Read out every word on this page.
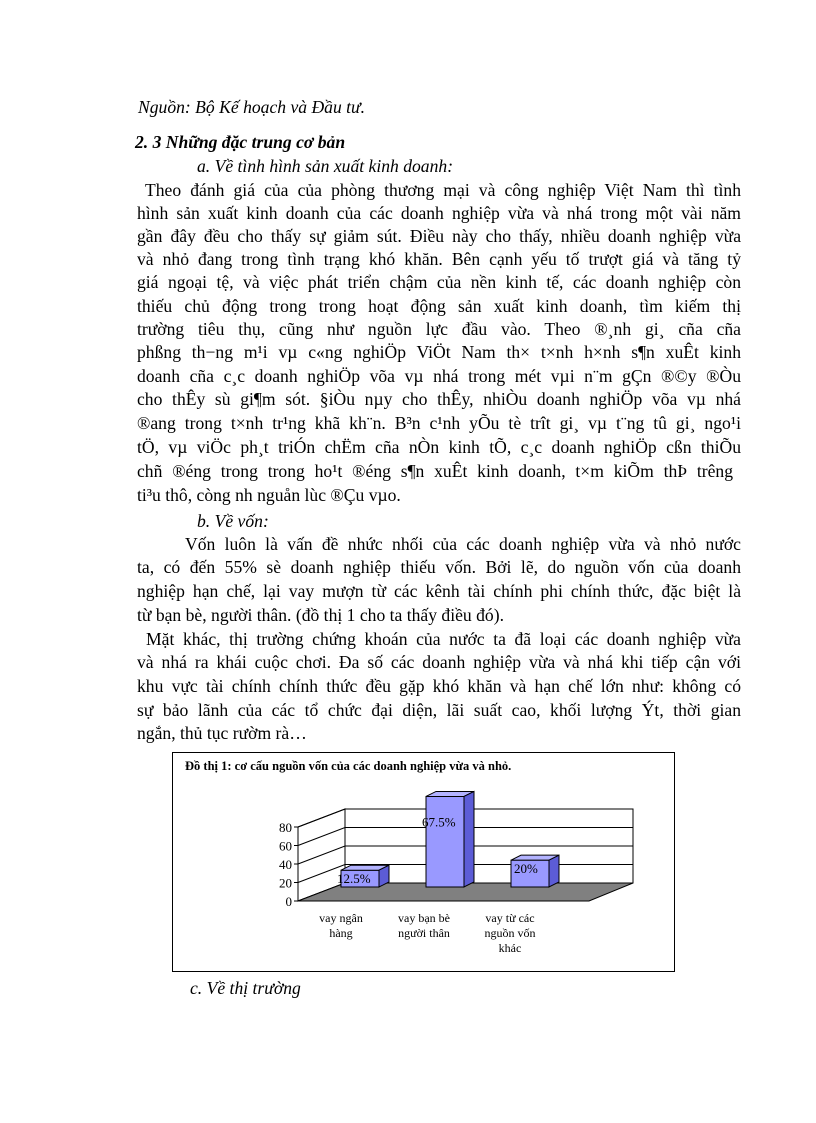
Nguồn: Bộ Kế hoạch và Đầu tư.
2. 3 Những đặc trung cơ bản
a. Về tình hình sản xuất kinh doanh:
Theo đánh giá của của phòng thương mại và công nghiệp Việt Nam thì tình
hình sản xuất kinh doanh của các doanh nghiệp vừa và nhá trong một vài năm
gần đây đều cho thấy sự giảm sút. Điều này cho thấy, nhiều doanh nghiệp vừa
và nhỏ đang trong tình trạng khó khăn. Bên cạnh yếu tố trượt giá và tăng tỷ
giá ngoại tệ, và việc phát triển chậm của nền kinh tế, các doanh nghiệp còn
thiếu chủ động trong trong hoạt động sản xuất kinh doanh, tìm kiếm thị
trường tiêu thụ, cũng như nguồn lực đầu vào. Theo ®¸nh gi¸ cña cña
phßng th−ng m¹i vµ c«ng nghiÖp ViÖt Nam th× t×nh h×nh s¶n xuÊt kinh
doanh cña c¸c doanh nghiÖp võa vµ nhá trong mét vµi n¨m gÇn ®©y ®Òu
cho thÊy sù gi¶m sót. §iÒu nµy cho thÊy, nhiÒu doanh nghiÖp võa vµ nhá
®ang trong t×nh tr¹ng khã kh¨n. B³n c¹nh yÕu tè trît gi¸ vµ t¨ng tû gi¸ ngo¹i
tÖ, vµ viÖc ph¸t triÓn chËm cña nÒn kinh tÕ, c¸c doanh nghiÖp cßn thiÕu
chñ ®éng trong trong ho¹t ®éng s¶n xuÊt kinh doanh, t×m kiÕm thÞ trêng
ti³u thô, còng nh nguån lùc ®Çu vµo.
b. Về vốn:
Vốn luôn là vấn đề nhức nhối của các doanh nghiệp vừa và nhỏ nước
ta, có đến 55% sè doanh nghiệp thiếu vốn. Bởi lẽ, do nguồn vốn của doanh
nghiệp hạn chế, lại vay mượn từ các kênh tài chính phi chính thức, đặc biệt là
từ bạn bè, người thân. (đồ thị 1 cho ta thấy điều đó).
Mặt khác, thị trường chứng khoán của nước ta đã loại các doanh nghiệp vừa
và nhá ra khái cuộc chơi. Đa số các doanh nghiệp vừa và nhá khi tiếp cận với
khu vực tài chính chính thức đều gặp khó khăn và hạn chế lớn như: không có
sự bảo lãnh của các tổ chức đại diện, lãi suất cao, khối lượng Ýt, thời gian
ngắn, thủ tục rườm rà…
Đồ thị 1: cơ cấu nguồn vốn của các doanh nghiệp vừa và nhỏ.
0
20
40
60
80
12.5%
67.5%
20%
vay ngân
hàng
vay bạn bè
người thân
vay từ các
nguồn vốn
khác
c. Về thị trường
